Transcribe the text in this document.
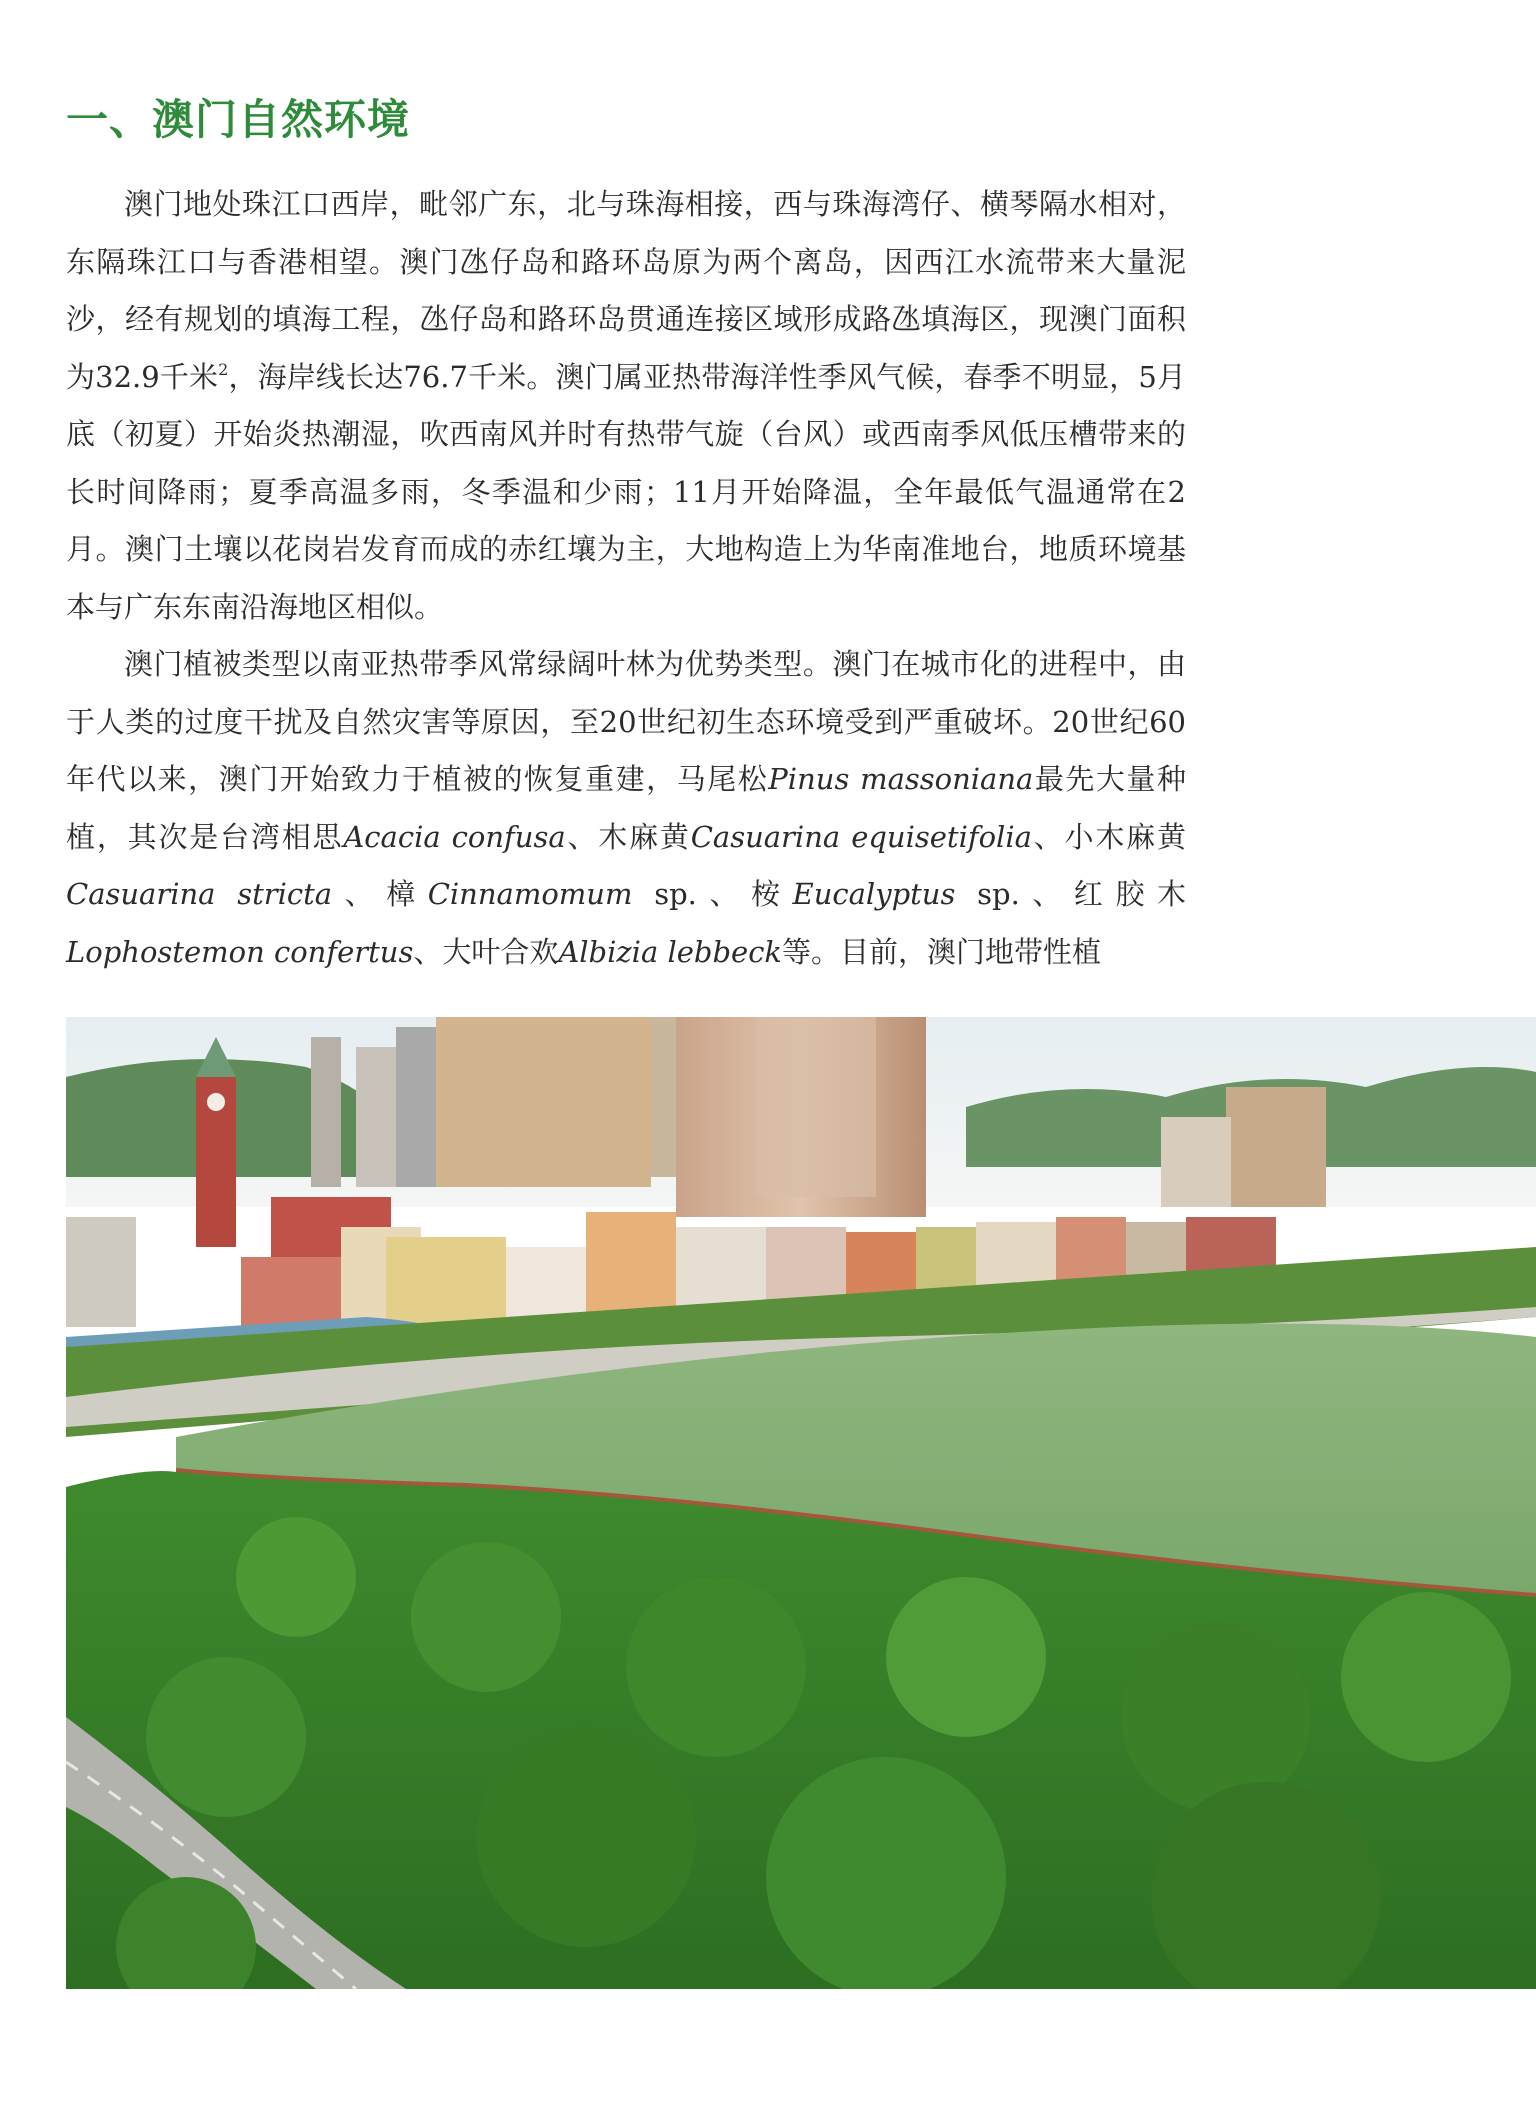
一、澳门自然环境

澳门地处珠江口西岸，毗邻广东，北与珠海相接，西与珠海湾仔、横琴隔水相对，东隔珠江口与香港相望。澳门氹仔岛和路环岛原为两个离岛，因西江水流带来大量泥沙，经有规划的填海工程，氹仔岛和路环岛贯通连接区域形成路氹填海区，现澳门面积为32.9千米$^2$，海岸线长达76.7千米。澳门属亚热带海洋性季风气候，春季不明显，5月底（初夏）开始炎热潮湿，吹西南风并时有热带气旋（台风）或西南季风低压槽带来的长时间降雨；夏季高温多雨，冬季温和少雨；11月开始降温，全年最低气温通常在2月。澳门土壤以花岗岩发育而成的赤红壤为主，大地构造上为华南准地台，地质环境基本与广东东南沿海地区相似。

澳门植被类型以南亚热带季风常绿阔叶林为优势类型。澳门在城市化的进程中，由于人类的过度干扰及自然灾害等原因，至20世纪初生态环境受到严重破坏。20世纪60年代以来，澳门开始致力于植被的恢复重建，马尾松Pinus massoniana最先大量种植，其次是台湾相思Acacia confusa、木麻黄Casuarina equisetifolia、小木麻黄Casuarina stricta、樟Cinnamomum sp.、桉Eucalyptus sp.、红胶木Lophostemon confertus、大叶合欢Albizia lebbeck等。目前，澳门地带性植
